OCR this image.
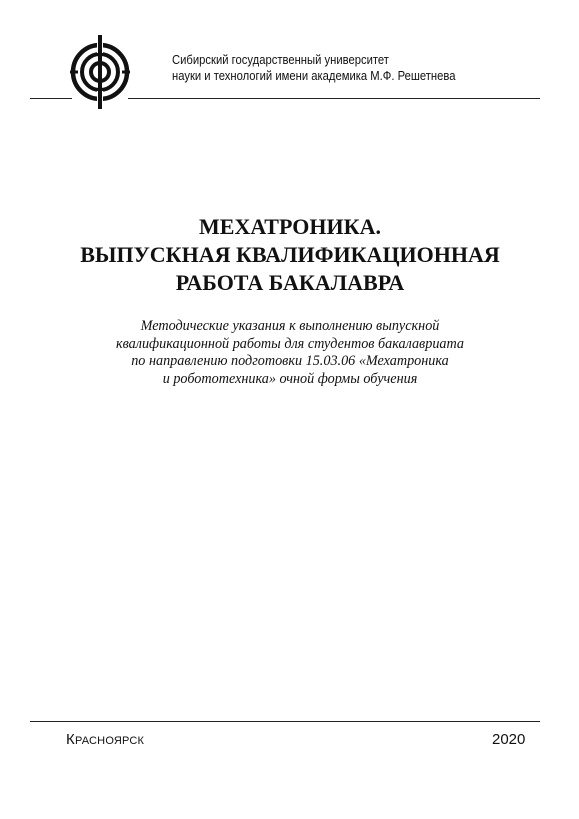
Сибирский государственный университет
науки и технологий имени академика М.Ф. Решетнева
МЕХАТРОНИКА.
ВЫПУСКНАЯ КВАЛИФИКАЦИОННАЯ
РАБОТА БАКАЛАВРА
Методические указания к выполнению выпускной
квалификационной работы для студентов бакалавриата
по направлению подготовки 15.03.06 «Мехатроника
и робототехника» очной формы обучения
Красноярск	2020
